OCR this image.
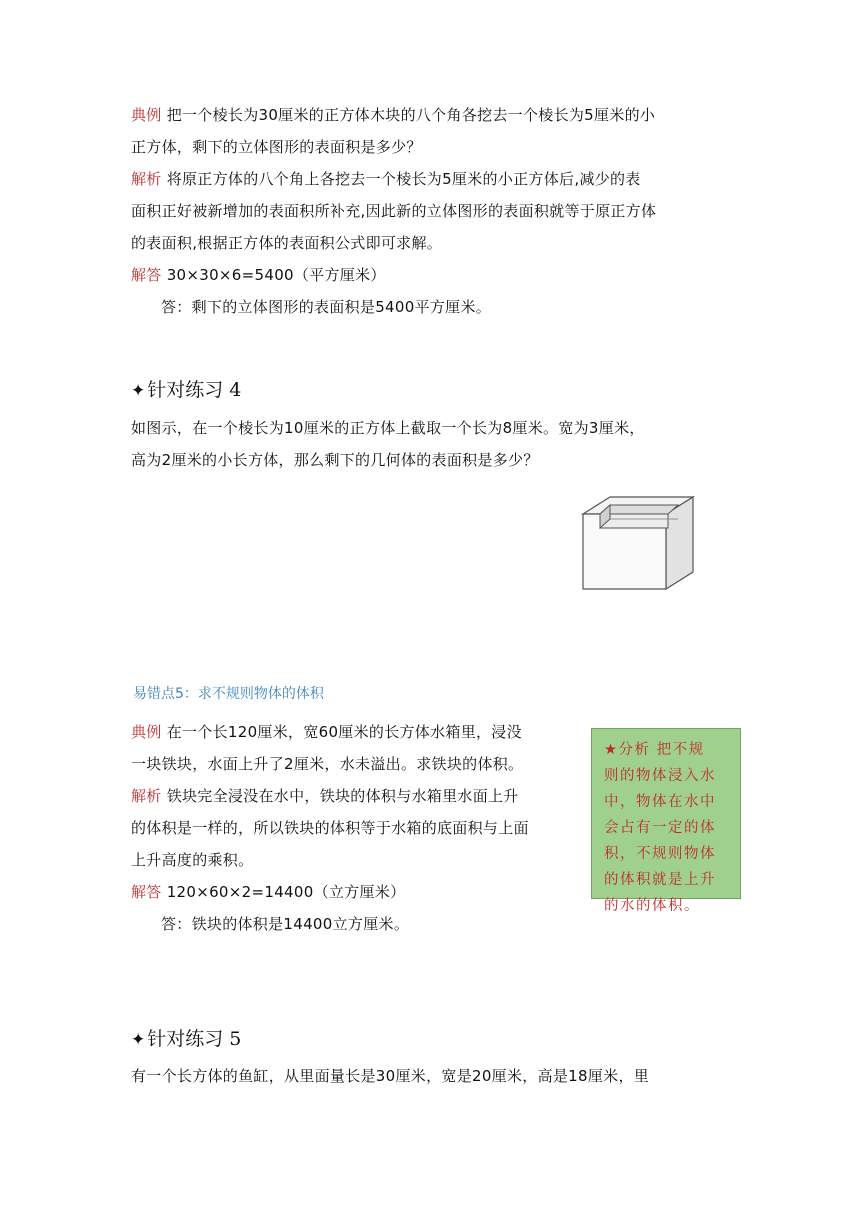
典例 把一个棱长为30厘米的正方体木块的八个角各挖去一个棱长为5厘米的小
正方体，剩下的立体图形的表面积是多少？
解析 将原正方体的八个角上各挖去一个棱长为5厘米的小正方体后,减少的表
面积正好被新增加的表面积所补充,因此新的立体图形的表面积就等于原正方体
的表面积,根据正方体的表面积公式即可求解。
解答 30×30×6=5400（平方厘米）
答：剩下的立体图形的表面积是5400平方厘米。
✦ 针对练习 4
如图示，在一个棱长为10厘米的正方体上截取一个长为8厘米。宽为3厘米，
高为2厘米的小长方体，那么剩下的几何体的表面积是多少？
易错点5：求不规则物体的体积
典例 在一个长120厘米，宽60厘米的长方体水箱里，浸没
一块铁块，水面上升了2厘米，水未溢出。求铁块的体积。
解析 铁块完全浸没在水中，铁块的体积与水箱里水面上升
的体积是一样的，所以铁块的体积等于水箱的底面积与上面
上升高度的乘积。
解答 120×60×2=14400（立方厘米）
答：铁块的体积是14400立方厘米。
★分析 把不规
则的物体浸入水
中，物体在水中
会占有一定的体
积，不规则物体
的体积就是上升
的水的体积。
✦ 针对练习 5
有一个长方体的鱼缸，从里面量长是30厘米，宽是20厘米，高是18厘米，里
